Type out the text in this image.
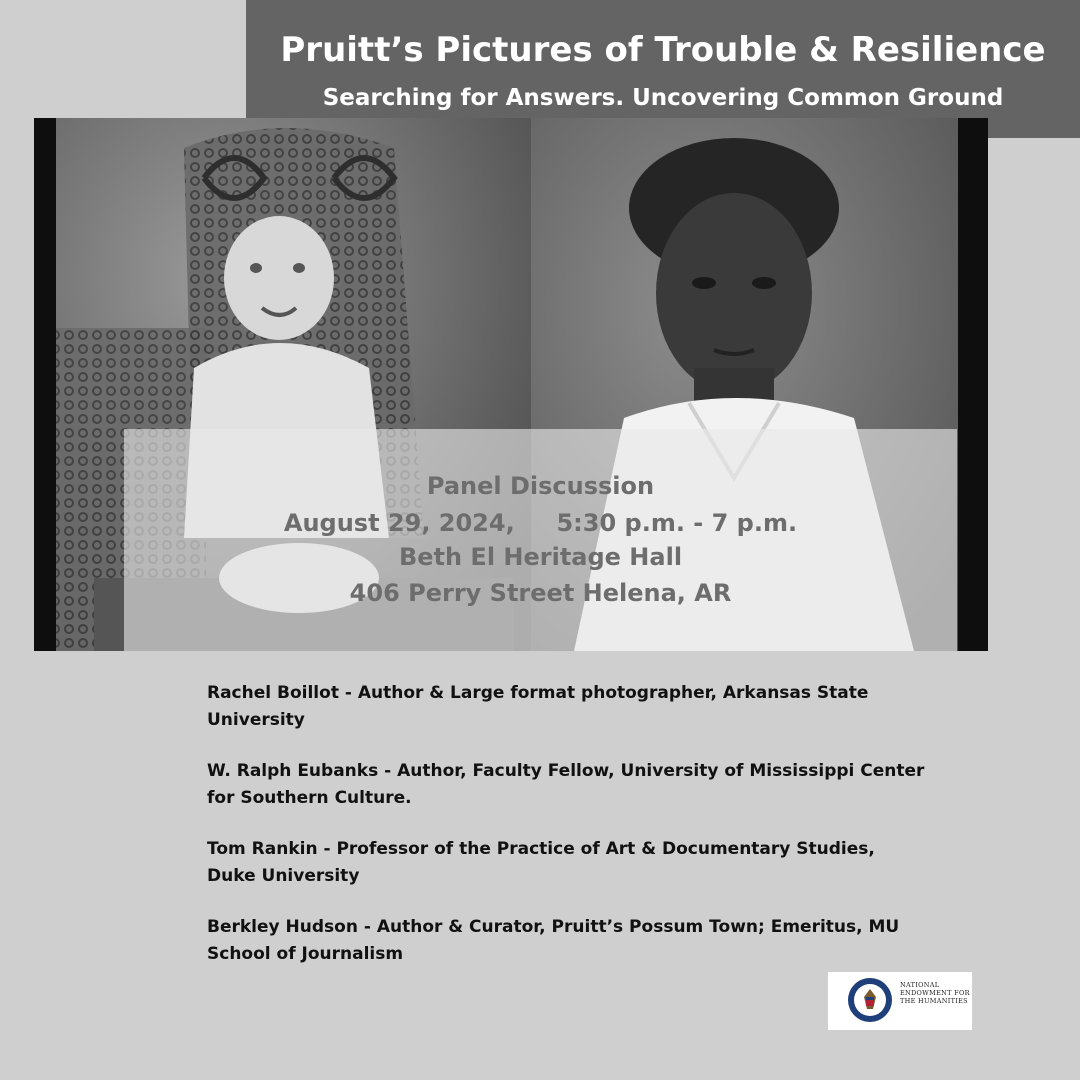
Pruitt’s Pictures of Trouble & Resilience
Searching for Answers. Uncovering Common Ground
Panel Discussion
August 29, 2024,     5:30 p.m. - 7 p.m.
Beth El Heritage Hall
406 Perry Street Helena, AR
Rachel Boillot - Author & Large format photographer, Arkansas State University
W. Ralph Eubanks - Author, Faculty Fellow, University of Mississippi Center for Southern Culture.
Tom Rankin - Professor of the Practice of Art & Documentary Studies, Duke University
Berkley Hudson - Author & Curator, Pruitt’s Possum Town; Emeritus, MU School of Journalism
NATIONAL ENDOWMENT FOR THE HUMANITIES
